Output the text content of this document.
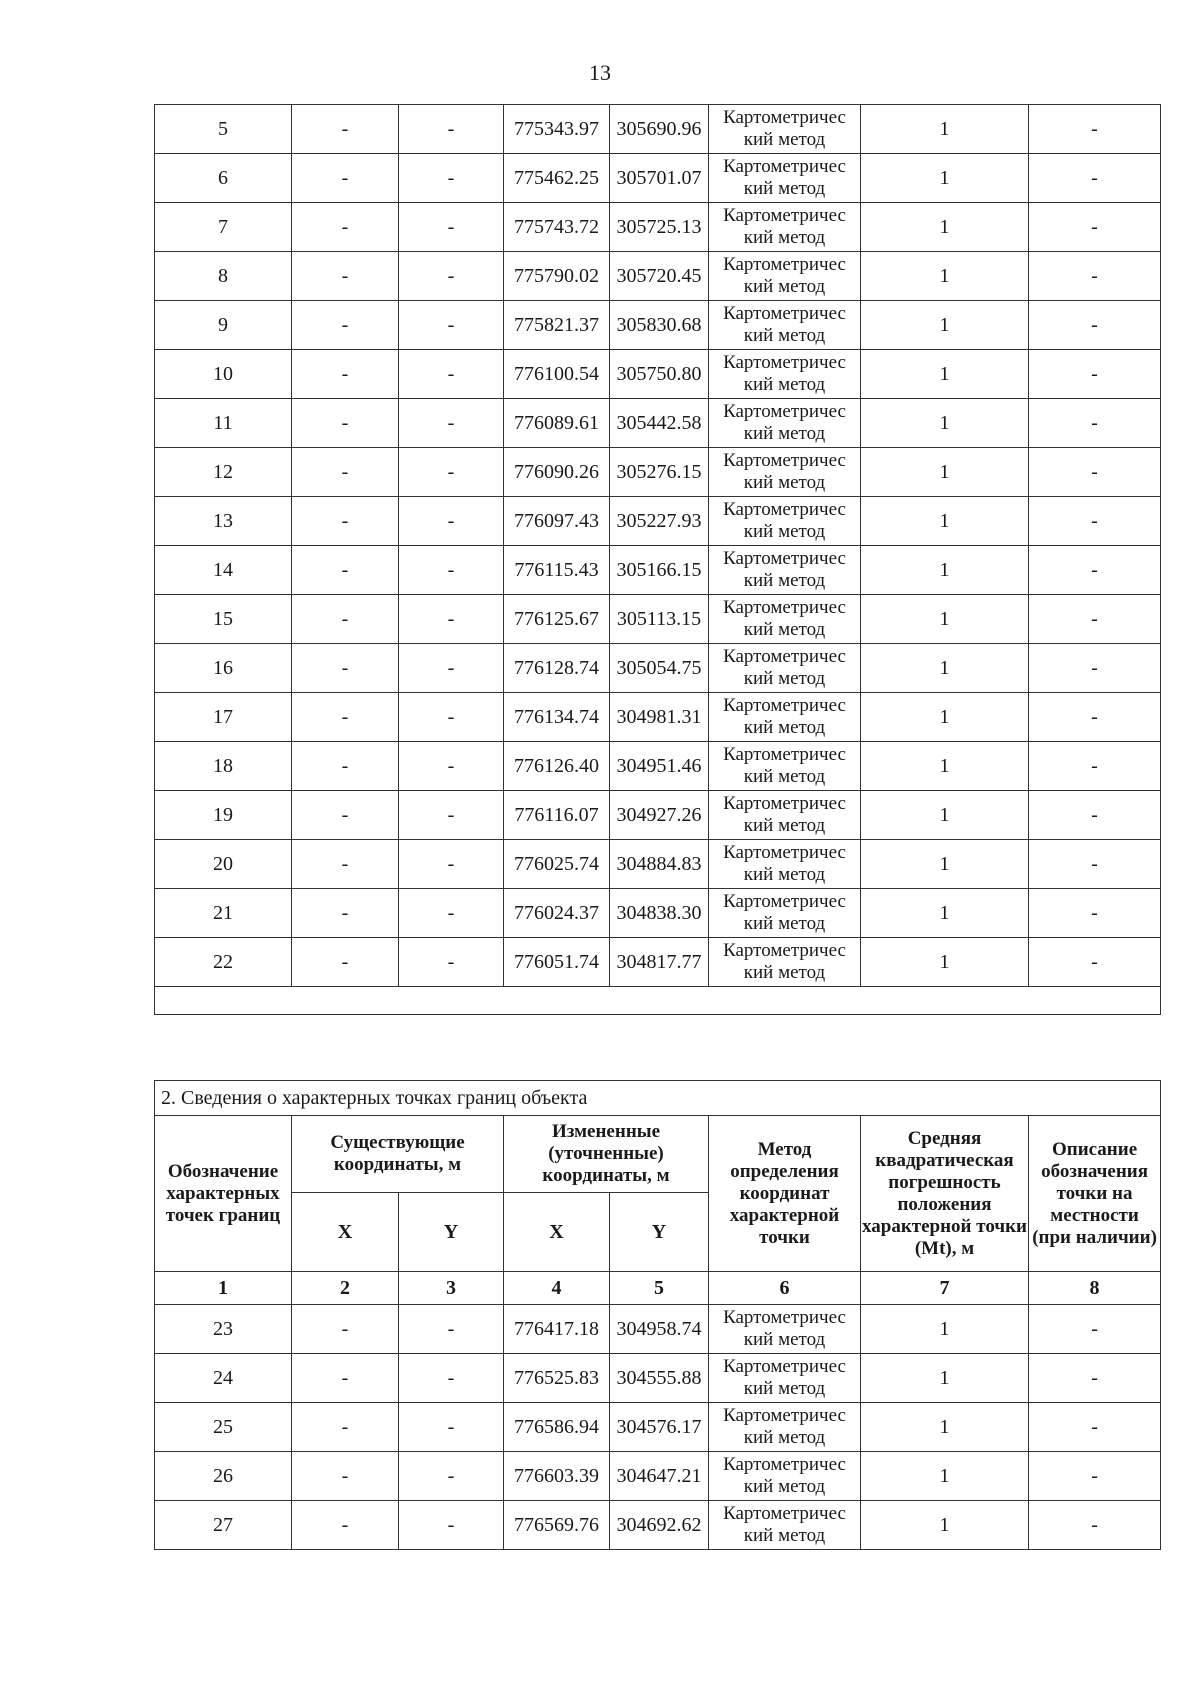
13
5	-	-	775343.97	305690.96	Картометричес кий метод	1	-
6	-	-	775462.25	305701.07	Картометричес кий метод	1	-
7	-	-	775743.72	305725.13	Картометричес кий метод	1	-
8	-	-	775790.02	305720.45	Картометричес кий метод	1	-
9	-	-	775821.37	305830.68	Картометричес кий метод	1	-
10	-	-	776100.54	305750.80	Картометричес кий метод	1	-
11	-	-	776089.61	305442.58	Картометричес кий метод	1	-
12	-	-	776090.26	305276.15	Картометричес кий метод	1	-
13	-	-	776097.43	305227.93	Картометричес кий метод	1	-
14	-	-	776115.43	305166.15	Картометричес кий метод	1	-
15	-	-	776125.67	305113.15	Картометричес кий метод	1	-
16	-	-	776128.74	305054.75	Картометричес кий метод	1	-
17	-	-	776134.74	304981.31	Картометричес кий метод	1	-
18	-	-	776126.40	304951.46	Картометричес кий метод	1	-
19	-	-	776116.07	304927.26	Картометричес кий метод	1	-
20	-	-	776025.74	304884.83	Картометричес кий метод	1	-
21	-	-	776024.37	304838.30	Картометричес кий метод	1	-
22	-	-	776051.74	304817.77	Картометричес кий метод	1	-

2. Сведения о характерных точках границ объекта							
Обозначение характерных точек границ	Существующие координаты, м		Измененные (уточненные) координаты, м		Метод определения координат характерной точки	Средняя квадратическая погрешность положения характерной точки (Mt), м	Описание обозначения точки на местности (при наличии)
	X	Y	X	Y			
1	2	3	4	5	6	7	8
23	-	-	776417.18	304958.74	Картометричес кий метод	1	-
24	-	-	776525.83	304555.88	Картометричес кий метод	1	-
25	-	-	776586.94	304576.17	Картометричес кий метод	1	-
26	-	-	776603.39	304647.21	Картометричес кий метод	1	-
27	-	-	776569.76	304692.62	Картометричес кий метод	1	-
